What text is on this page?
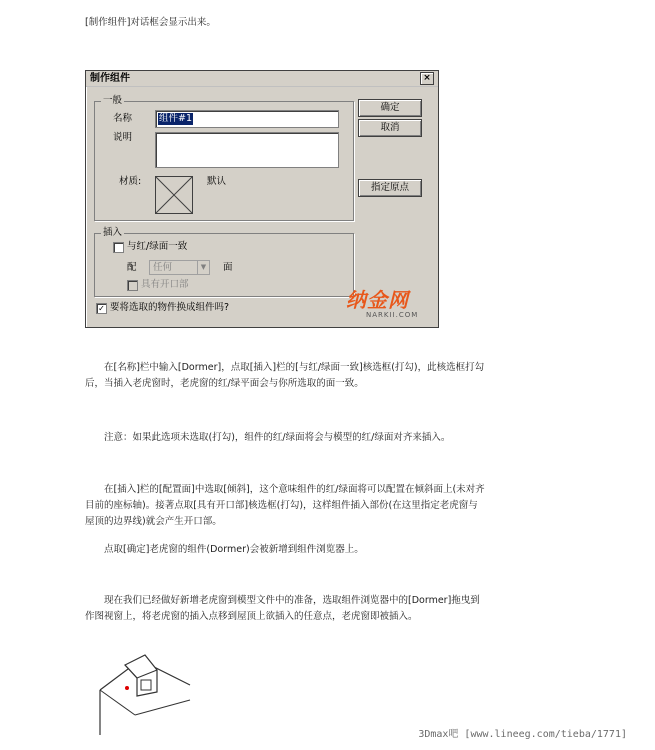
[制作组件]对话框会显示出来。

制作组件	×
一般
名称	组件#1
说明
材质:	默认
确定
取消
指定原点
插入
与红/绿面一致
配	任何	▼ 面
具有开口部
✓ 要将选取的物件换成组件吗?	纳金网
NARKII.COM

在[名称]栏中输入[Dormer]，点取[插入]栏的[与红/绿面一致]核选框(打勾)，此核选框打勾后，当插入老虎窗时，老虎窗的红/绿平面会与你所选取的面一致。

注意：如果此选项未选取(打勾)，组件的红/绿面将会与模型的红/绿面对齐来插入。

在[插入]栏的[配置面]中选取[倾斜]，这个意味组件的红/绿面将可以配置在倾斜面上(未对齐目前的座标轴)。接著点取[具有开口部]核选框(打勾)，这样组件插入部份(在这里指定老虎窗与屋顶的边界线)就会产生开口部。

点取[确定]老虎窗的组件(Dormer)会被新增到组件浏览器上。

现在我们已经做好新增老虎窗到模型文件中的准备，选取组件浏览器中的[Dormer]拖曳到作图视窗上，将老虎窗的插入点移到屋顶上欲插入的任意点，老虎窗即被插入。

3Dmax吧 [www.lineeg.com/tieba/1771]
